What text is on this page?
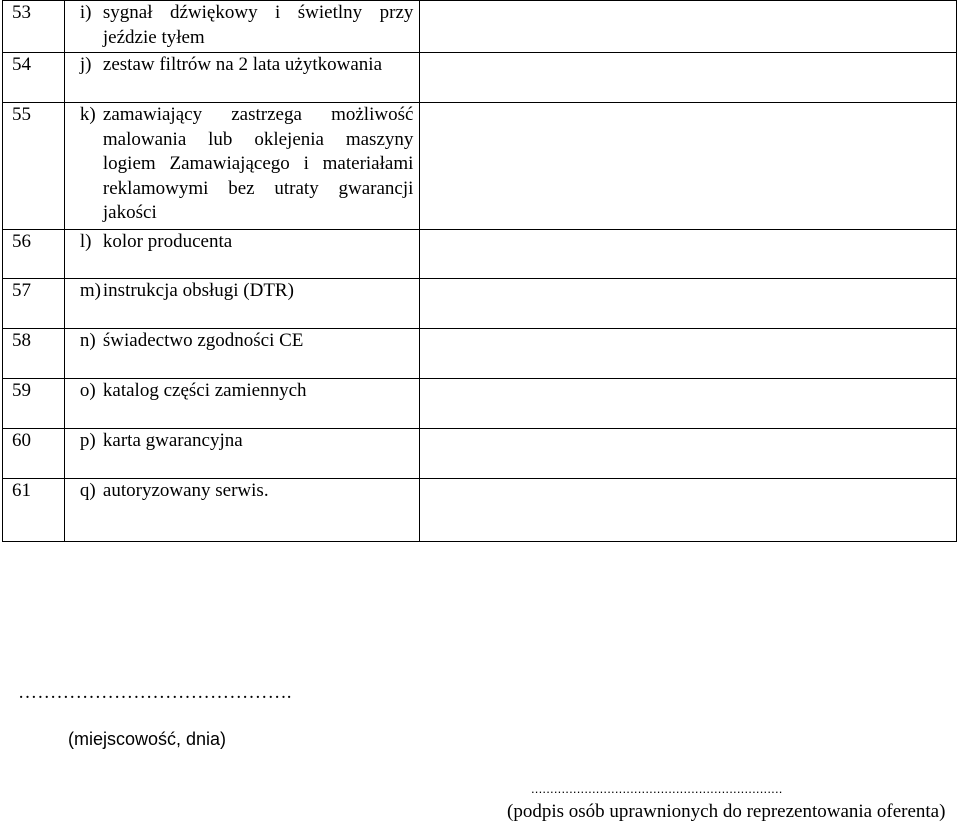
53	i) sygnał dźwiękowy i świetlny przy jeździe tyłem	

54	j) zestaw filtrów na 2 lata użytkowania	

55	k) zamawiający zastrzega możliwość malowania lub oklejenia maszyny logiem Zamawiającego i materiałami reklamowymi bez utraty gwarancji jakości	

56	l) kolor producenta	

57	m)instrukcja obsługi (DTR)	

58	n) świadectwo zgodności CE	

59	o) katalog części zamiennych	

60	p) karta gwarancyjna	

61	q) autoryzowany serwis.	

…………………………………….
(miejscowość, dnia)
..................................................................
(podpis osób uprawnionych do reprezentowania oferenta)
